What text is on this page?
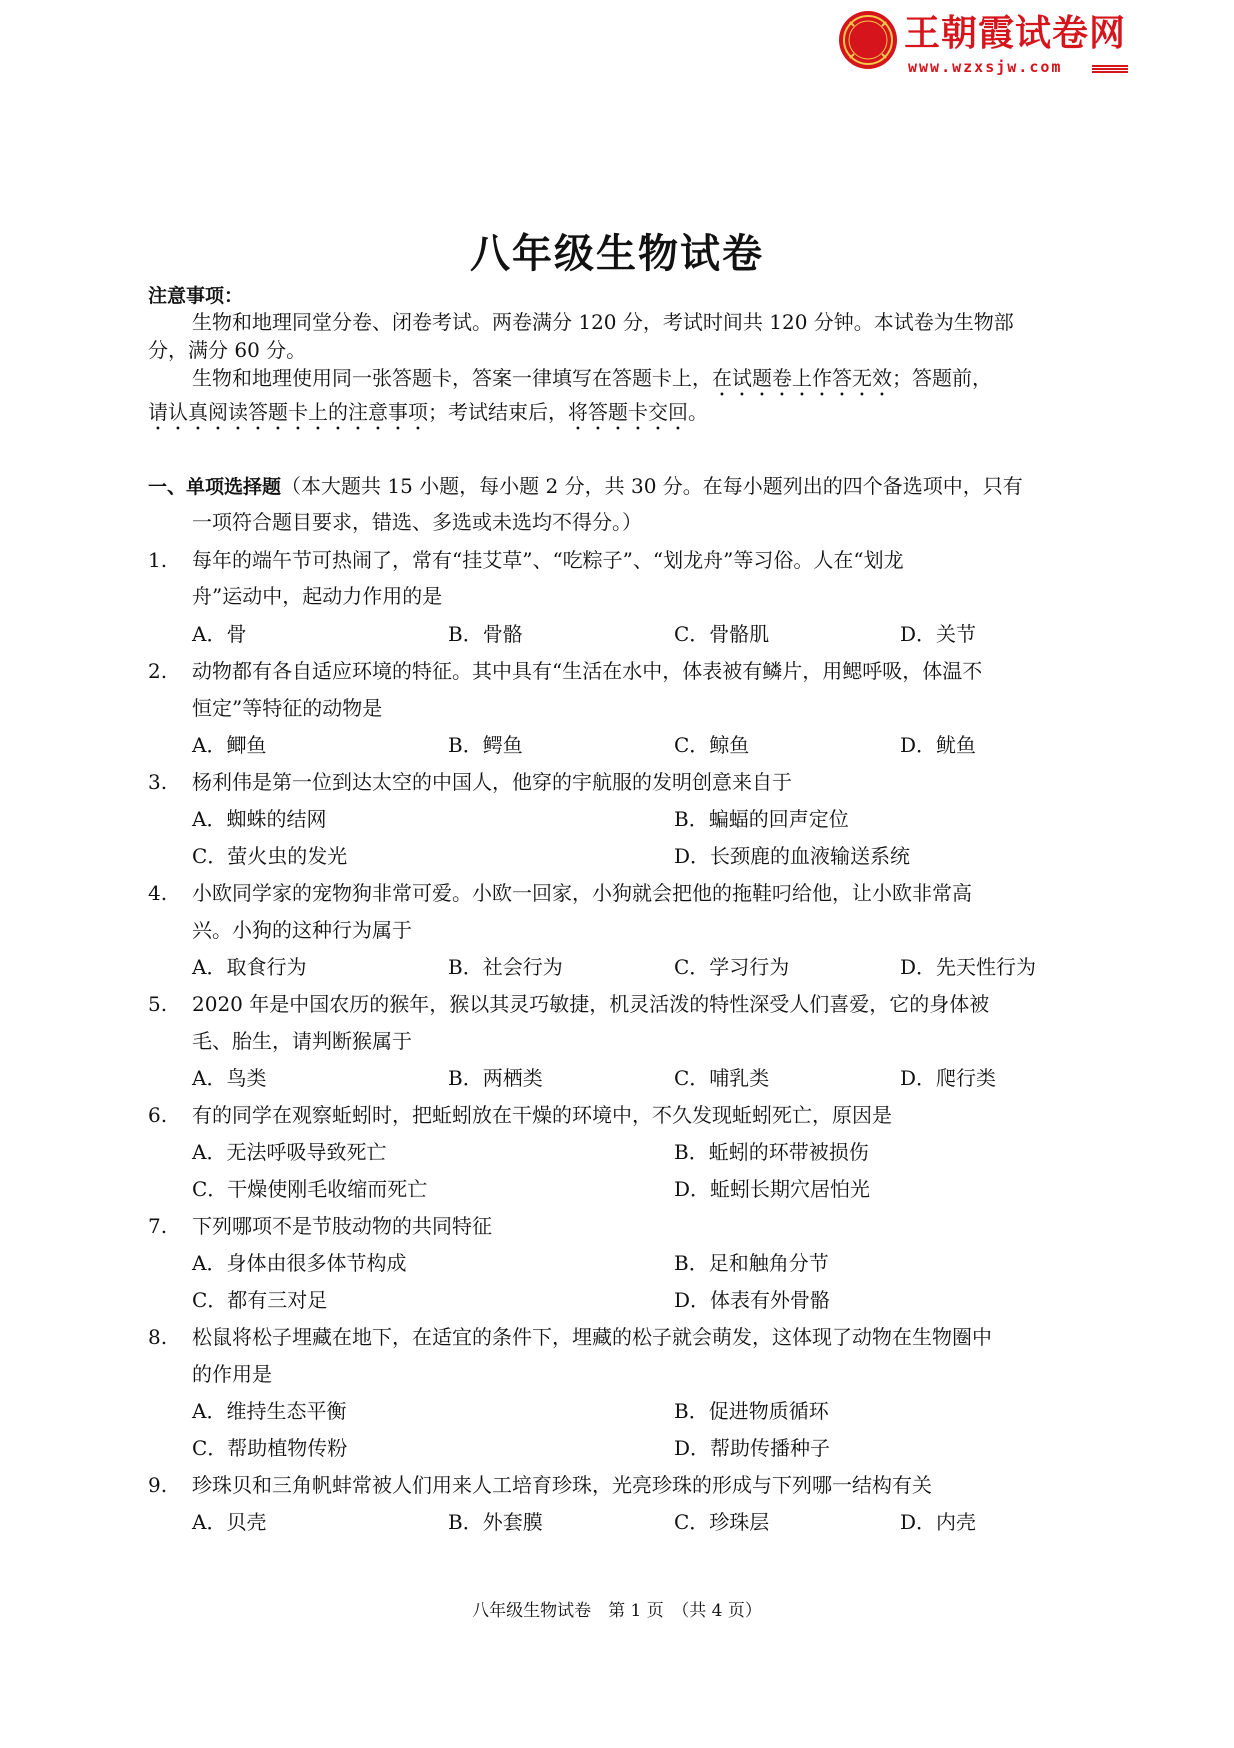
王朝霞试卷网
www.wzxsjw.com
八年级生物试卷
注意事项：
生物和地理同堂分卷、闭卷考试。两卷满分 120 分，考试时间共 120 分钟。本试卷为生物部
分，满分 60 分。
生物和地理使用同一张答题卡，答案一律填写在答题卡上，在试题卷上作答无效；答题前，
请认真阅读答题卡上的注意事项；考试结束后，将答题卡交回。
一、单项选择题（本大题共 15 小题，每小题 2 分，共 30 分。在每小题列出的四个备选项中，只有
一项符合题目要求，错选、多选或未选均不得分。）
1. 每年的端午节可热闹了，常有“挂艾草”、“吃粽子”、“划龙舟”等习俗。人在“划龙
舟”运动中，起动力作用的是
A．骨	B．骨骼	C．骨骼肌	D．关节
2. 动物都有各自适应环境的特征。其中具有“生活在水中，体表被有鳞片，用鳃呼吸，体温不
恒定”等特征的动物是
A．鲫鱼	B．鳄鱼	C．鲸鱼	D．鱿鱼
3. 杨利伟是第一位到达太空的中国人，他穿的宇航服的发明创意来自于
A．蜘蛛的结网	B．蝙蝠的回声定位
C．萤火虫的发光	D．长颈鹿的血液输送系统
4. 小欧同学家的宠物狗非常可爱。小欧一回家，小狗就会把他的拖鞋叼给他，让小欧非常高
兴。小狗的这种行为属于
A．取食行为	B．社会行为	C．学习行为	D．先天性行为
5. 2020 年是中国农历的猴年，猴以其灵巧敏捷，机灵活泼的特性深受人们喜爱，它的身体被
毛、胎生，请判断猴属于
A．鸟类	B．两栖类	C．哺乳类	D．爬行类
6. 有的同学在观察蚯蚓时，把蚯蚓放在干燥的环境中，不久发现蚯蚓死亡，原因是
A．无法呼吸导致死亡	B．蚯蚓的环带被损伤
C．干燥使刚毛收缩而死亡	D．蚯蚓长期穴居怕光
7. 下列哪项不是节肢动物的共同特征
A．身体由很多体节构成	B．足和触角分节
C．都有三对足	D．体表有外骨骼
8. 松鼠将松子埋藏在地下，在适宜的条件下，埋藏的松子就会萌发，这体现了动物在生物圈中
的作用是
A．维持生态平衡	B．促进物质循环
C．帮助植物传粉	D．帮助传播种子
9. 珍珠贝和三角帆蚌常被人们用来人工培育珍珠，光亮珍珠的形成与下列哪一结构有关
A．贝壳	B．外套膜	C．珍珠层	D．内壳
八年级生物试卷　第 1 页　（共 4 页）
